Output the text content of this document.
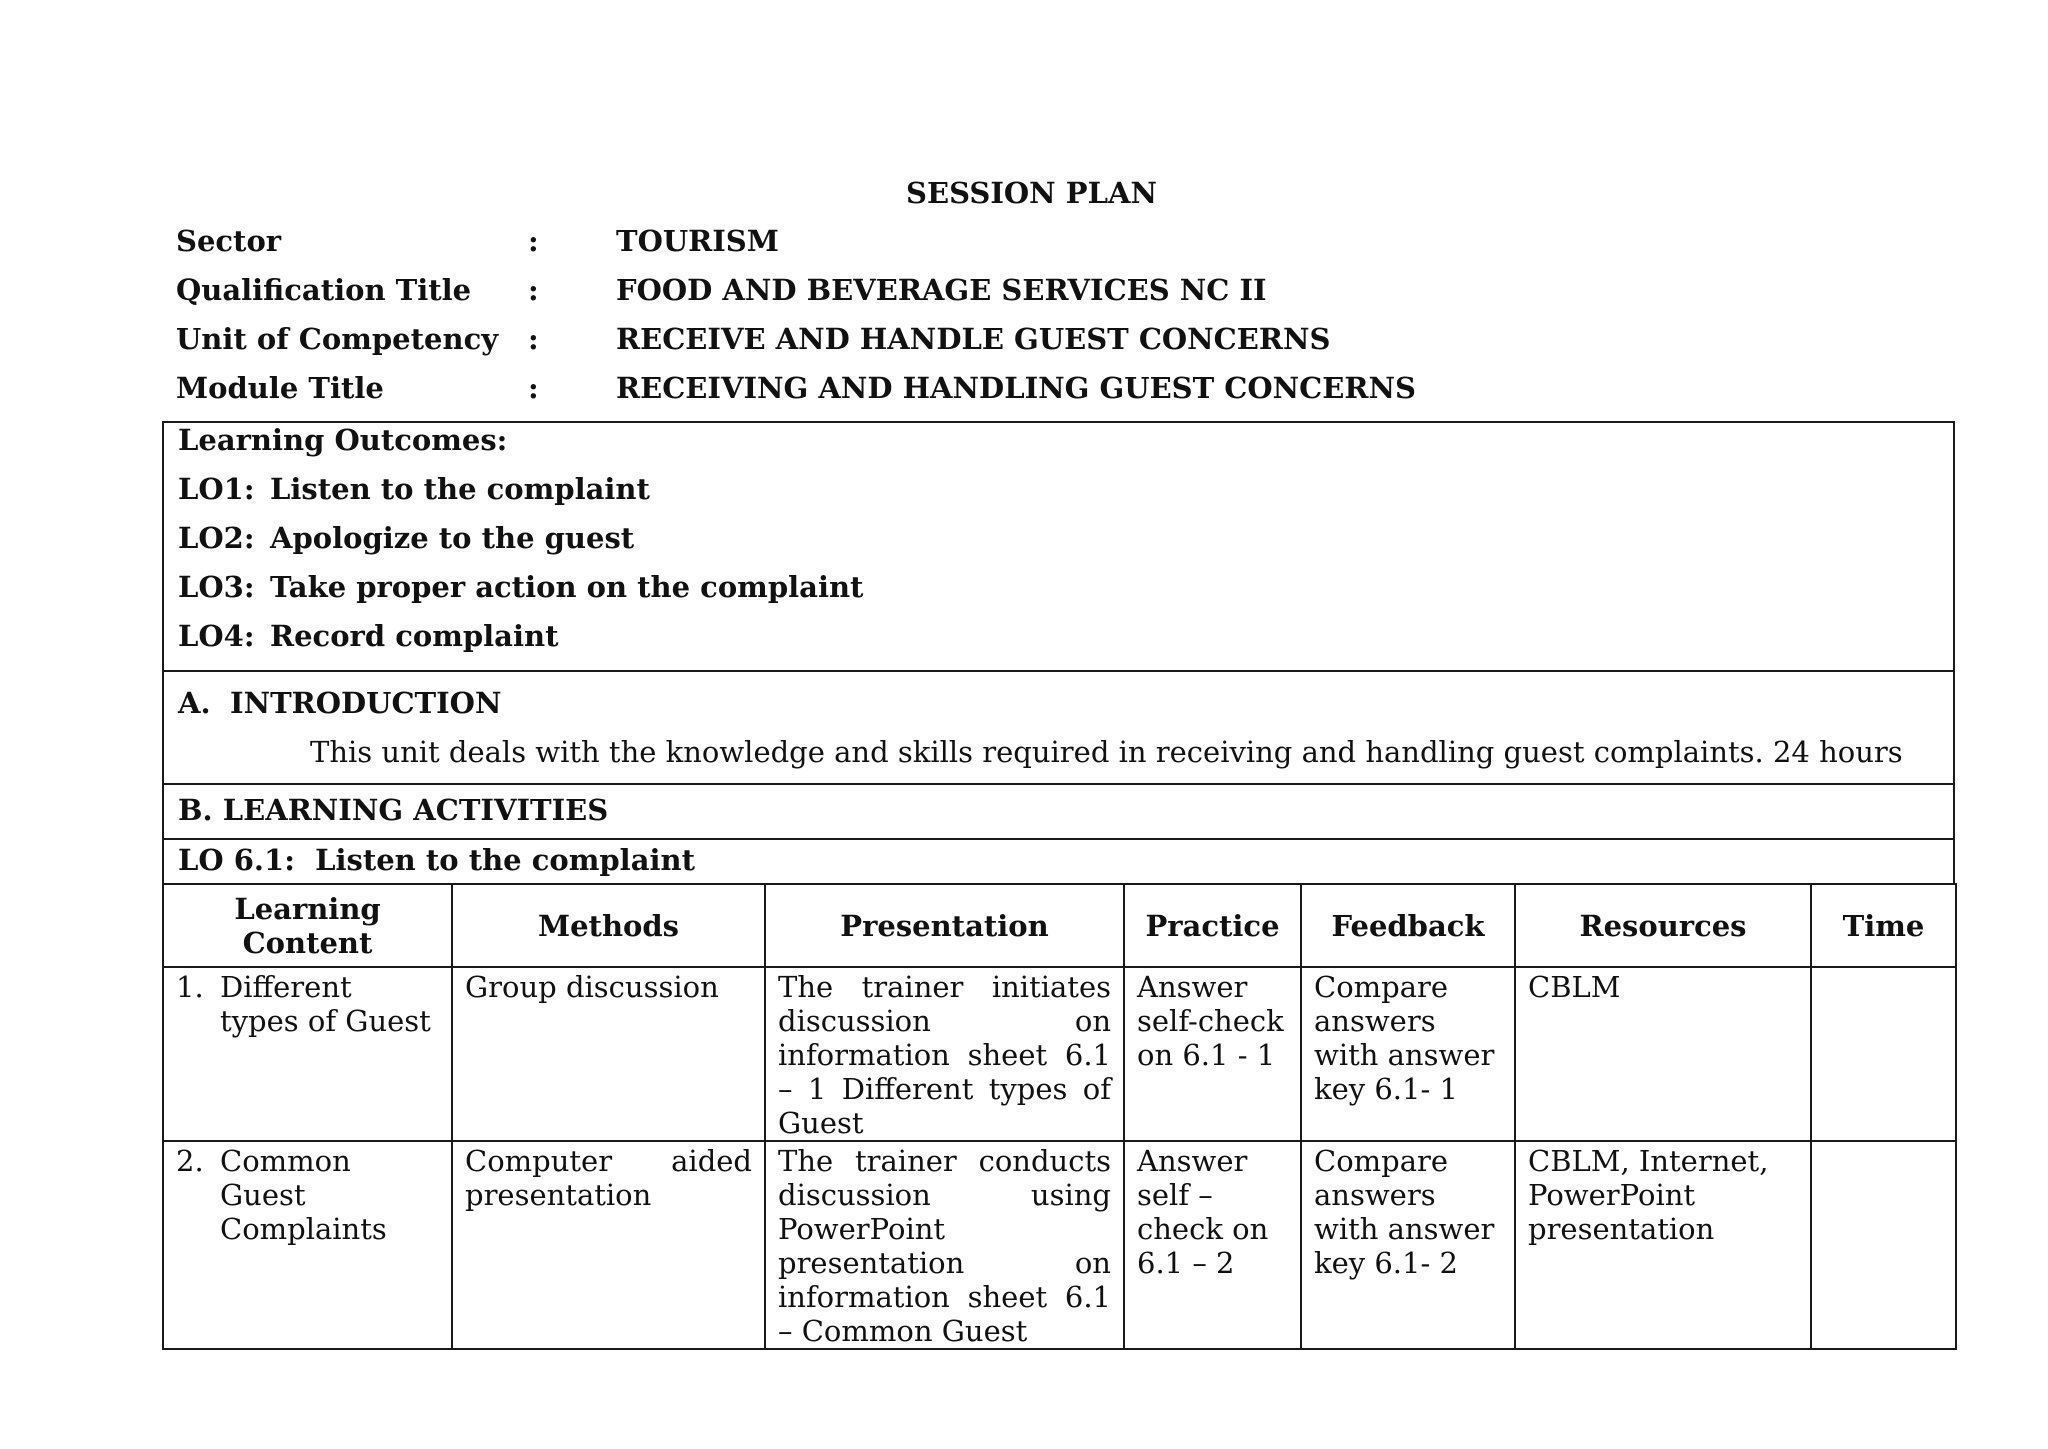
SESSION PLAN
Sector	:	TOURISM
Qualification Title :	FOOD AND BEVERAGE SERVICES NC II
Unit of Competency :	RECEIVE AND HANDLE GUEST CONCERNS
Module Title	:	RECEIVING AND HANDLING GUEST CONCERNS
Learning Outcomes:
LO1: Listen to the complaint
LO2: Apologize to the guest
LO3: Take proper action on the complaint
LO4: Record complaint
A. INTRODUCTION
This unit deals with the knowledge and skills required in receiving and handling guest complaints. 24 hours
B. LEARNING ACTIVITIES
LO 6.1:  Listen to the complaint
Learning Content	Methods	Presentation	Practice	Feedback	Resources	Time

1. Different types of Guest	Group discussion	The trainer initiates discussion on information sheet 6.1 – 1 Different types of Guest	Answer self-check on 6.1 - 1	Compare answers with answer key 6.1- 1	CBLM	

2. Common Guest Complaints	Computer aided presentation	The trainer conducts discussion using PowerPoint presentation on information sheet 6.1 – Common Guest	Answer self – check on 6.1 – 2	Compare answers with answer key 6.1- 2	CBLM, Internet, PowerPoint presentation	
